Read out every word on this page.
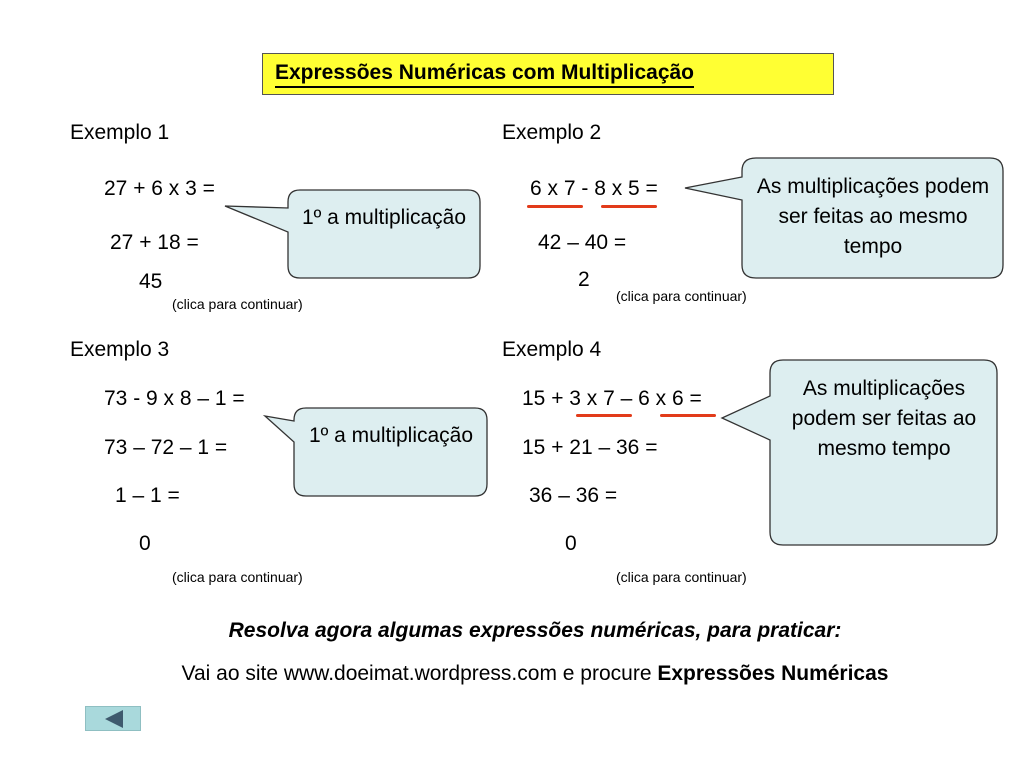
Expressões Numéricas com Multiplicação
Exemplo 1
27 + 6 x 3 =
27 + 18 =
45
(clica para continuar)
1º a multiplicação
Exemplo 2
6 x 7 - 8 x 5 =
42 – 40 =
2
(clica para continuar)
As multiplicações podem ser feitas ao mesmo tempo
Exemplo 3
73 - 9 x 8 – 1 =
73 – 72 – 1 =
1 – 1 =
0
(clica para continuar)
1º a multiplicação
Exemplo 4
15 + 3 x 7 – 6 x 6 =
15 + 21 – 36 =
36 – 36 =
0
(clica para continuar)
As multiplicações podem ser feitas ao mesmo tempo
Resolva agora algumas expressões numéricas, para praticar:
Vai ao site www.doeimat.wordpress.com e procure Expressões Numéricas
